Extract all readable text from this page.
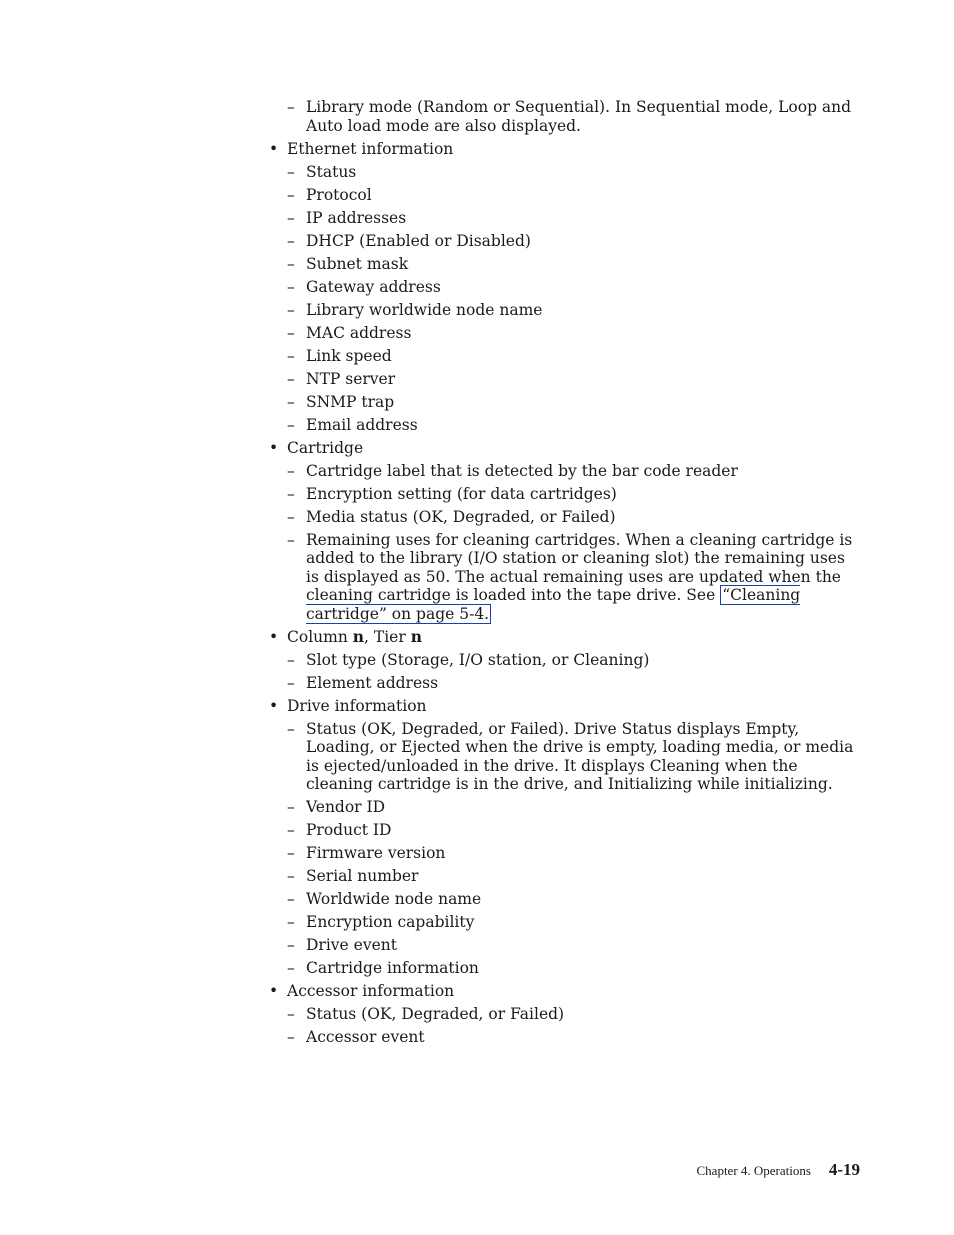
– Library mode (Random or Sequential). In Sequential mode, Loop and Auto load mode are also displayed.
• Ethernet information
– Status
– Protocol
– IP addresses
– DHCP (Enabled or Disabled)
– Subnet mask
– Gateway address
– Library worldwide node name
– MAC address
– Link speed
– NTP server
– SNMP trap
– Email address
• Cartridge
– Cartridge label that is detected by the bar code reader
– Encryption setting (for data cartridges)
– Media status (OK, Degraded, or Failed)
– Remaining uses for cleaning cartridges. When a cleaning cartridge is added to the library (I/O station or cleaning slot) the remaining uses is displayed as 50. The actual remaining uses are updated when the cleaning cartridge is loaded into the tape drive. See “Cleaning cartridge” on page 5-4.
• Column n, Tier n
– Slot type (Storage, I/O station, or Cleaning)
– Element address
• Drive information
– Status (OK, Degraded, or Failed). Drive Status displays Empty, Loading, or Ejected when the drive is empty, loading media, or media is ejected/unloaded in the drive. It displays Cleaning when the cleaning cartridge is in the drive, and Initializing while initializing.
– Vendor ID
– Product ID
– Firmware version
– Serial number
– Worldwide node name
– Encryption capability
– Drive event
– Cartridge information
• Accessor information
– Status (OK, Degraded, or Failed)
– Accessor event
Chapter 4. Operations 4-19
